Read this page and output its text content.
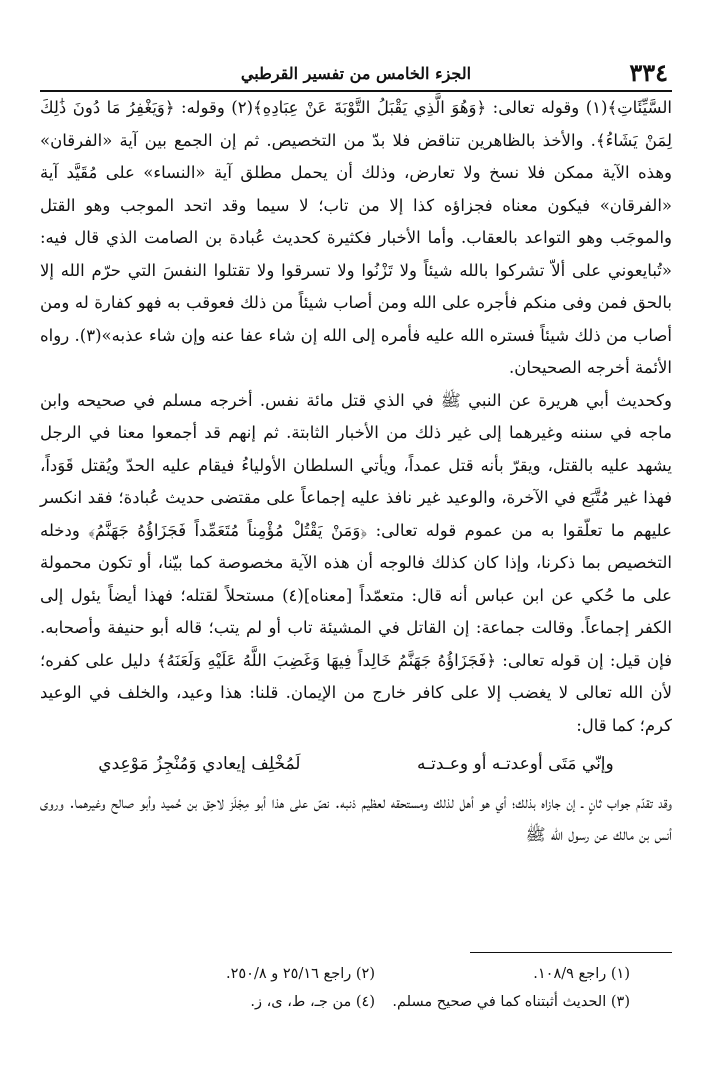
٣٣٤
الجزء الخامس من تفسير القرطبي

السَّيِّئَاتِ﴾(١) وقوله تعالى: ﴿وَهُوَ الَّذِي يَقْبَلُ التَّوْبَةَ عَنْ عِبَادِهِ﴾(٢) وقوله: ﴿وَيَغْفِرُ مَا دُونَ ذَٰلِكَ لِمَنْ يَشَاءُ﴾. والأخذ بالظاهرين تناقض فلا بدّ من التخصيص. ثم إن الجمع بين آية «الفرقان» وهذه الآية ممكن فلا نسخ ولا تعارض، وذلك أن يحمل مطلق آية «النساء» على مُقَيَّد آية «الفرقان» فيكون معناه فجزاؤه كذا إلا من تاب؛ لا سيما وقد اتحد الموجب وهو القتل والموجَب وهو التواعد بالعقاب. وأما الأخبار فكثيرة كحديث عُبادة بن الصامت الذي قال فيه: «تُبايعوني على ألاّ تشركوا بالله شيئاً ولا تَزْنُوا ولا تسرقوا ولا تقتلوا النفسَ التي حرّم الله إلا بالحق فمن وفى منكم فأجره على الله ومن أصاب شيئاً من ذلك فعوقب به فهو كفارة له ومن أصاب من ذلك شيئاً فستره الله عليه فأمره إلى الله إن شاء عفا عنه وإن شاء عذبه»(٣). رواه الأئمة أخرجه الصحيحان.

وكحديث أبي هريرة عن النبي ﷺ في الذي قتل مائة نفس. أخرجه مسلم في صحيحه وابن ماجه في سننه وغيرهما إلى غير ذلك من الأخبار الثابتة. ثم إنهم قد أجمعوا معنا في الرجل يشهد عليه بالقتل، ويقرّ بأنه قتل عمداً، ويأتي السلطان الأولياءُ فيقام عليه الحدّ ويُقتل قَوَداً، فهذا غير مُتَّبَع في الآخرة، والوعيد غير نافذ عليه إجماعاً على مقتضى حديث عُبادة؛ فقد انكسر عليهم ما تعلّقوا به من عموم قوله تعالى: ﴿وَمَنْ يَقْتُلْ مُؤْمِناً مُتَعَمِّداً فَجَزَاؤُهُ جَهَنَّمُ﴾ ودخله التخصيص بما ذكرنا، وإذا كان كذلك فالوجه أن هذه الآية مخصوصة كما بيّنا، أو تكون محمولة على ما حُكي عن ابن عباس أنه قال: متعمّداً [معناه](٤) مستحلاً لقتله؛ فهذا أيضاً يئول إلى الكفر إجماعاً. وقالت جماعة: إن القاتل في المشيئة تاب أو لم يتب؛ قاله أبو حنيفة وأصحابه. فإن قيل: إن قوله تعالى: ﴿فَجَزَاؤُهُ جَهَنَّمُ خَالِداً فِيهَا وَغَضِبَ اللَّهُ عَلَيْهِ وَلَعَنَهُ﴾ دليل على كفره؛ لأن الله تعالى لا يغضب إلا على كافر خارج من الإيمان. قلنا: هذا وعيد، والخلف في الوعيد كرم؛ كما قال:

وإنّي مَتَى أوعدتـه أو وعـدتـه
لَمُخْلِف إيعادي وَمُنْجِزُ مَوْعِدي

وقد تقدّم جواب ثانٍ ـ إن جازاه بذلك؛ أي هو أهل لذلك ومستحقه لعظيم ذنبه. نصّ على هذا أبو مِجْلَز لاحِق بن حُميد وأبو صالح وغيرهما. وروى أنس بن مالك عن رسول الله ﷺ

(١) راجع ١٠٨/٩.
(٢) راجع ٢٥/١٦ و ٢٥٠/٨.
(٣) الحديث أثبتناه كما في صحيح مسلم.
(٤) من جـ، ط، ى، ز.
